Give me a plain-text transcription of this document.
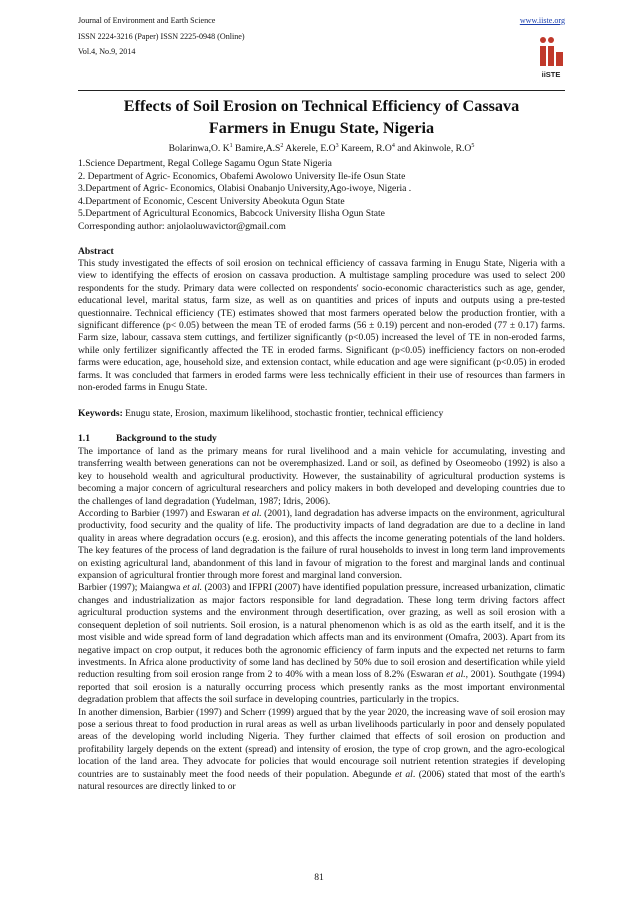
Journal of Environment and Earth Science
ISSN 2224-3216 (Paper) ISSN 2225-0948 (Online)
Vol.4, No.9, 2014
www.iiste.org
iiSTE
Effects of Soil Erosion on Technical Efficiency of Cassava
Farmers in Enugu State, Nigeria
Bolarinwa,O. $K^1$ $Bamire,A.S^2$ Akerele, $E.O^3$ Kareem, $R.O^4$ and Akinwole, $R.O^5$
1.Science Department, Regal College Sagamu Ogun State Nigeria
2. Department of Agric- Economics, Obafemi Awolowo University Ile-ife Osun State
3.Department of Agric- Economics, Olabisi Onabanjo University,Ago-iwoye, Nigeria .
4.Department of Economic, Cescent University Abeokuta Ogun State
5.Department of Agricultural Economics, Babcock University Ilisha Ogun State
Corresponding author: anjolaoluwavictor@gmail.com
Abstract
This study investigated the effects of soil erosion on technical efficiency of cassava farming in Enugu State, Nigeria with a view to identifying the effects of erosion on cassava production. A multistage sampling procedure was used to select 200 respondents for the study. Primary data were collected on respondents' socio-economic characteristics such as age, gender, educational level, marital status, farm size, as well as on quantities and prices of inputs and outputs using a pre-tested questionnaire. Technical efficiency (TE) estimates showed that most farmers operated below the production frontier, with a significant difference (p< 0.05) between the mean TE of eroded farms (56 ± 0.19) percent and non-eroded (77 ± 0.17) farms. Farm size, labour, cassava stem cuttings, and fertilizer significantly (p<0.05) increased the level of TE in non-eroded farms, while only fertilizer significantly affected the TE in eroded farms. Significant (p<0.05) inefficiency factors on non-eroded farms were education, age, household size, and extension contact, while education and age were significant (p<0.05) in eroded farms. It was concluded that farmers in eroded farms were less technically efficient in their use of resources than farmers in non-eroded farms in Enugu State.
Keywords: Enugu state, Erosion, maximum likelihood, stochastic frontier, technical efficiency
1.1	Background to the study

The importance of land as the primary means for rural livelihood and a main vehicle for accumulating, investing and transferring wealth between generations can not be overemphasized. Land or soil, as defined by Oseomeobo (1992) is also a key to household wealth and agricultural productivity. However, the sustainability of agricultural production systems is becoming a major concern of agricultural researchers and policy makers in both developed and developing countries due to the challenges of land degradation (Yudelman, 1987; Idris, 2006).

According to Barbier (1997) and Eswaran et al. (2001), land degradation has adverse impacts on the environment, agricultural productivity, food security and the quality of life. The productivity impacts of land degradation are due to a decline in land quality in areas where degradation occurs (e.g. erosion), and this affects the income generating potentials of the land holders. The key features of the process of land degradation is the failure of rural households to invest in long term land improvements on existing agricultural land, abandonment of this land in favour of migration to the forest and marginal lands and continual expansion of agricultural frontier through more forest and marginal land conversion.

Barbier (1997); Maiangwa et al. (2003) and IFPRI (2007) have identified population pressure, increased urbanization, climatic changes and industrialization as major factors responsible for land degradation. These long term driving factors affect agricultural production systems and the environment through desertification, over grazing, as well as soil erosion with a consequent depletion of soil nutrients. Soil erosion, is a natural phenomenon which is as old as the earth itself, and it is the most visible and wide spread form of land degradation which affects man and its environment (Omafra, 2003). Apart from its negative impact on crop output, it reduces both the agronomic efficiency of farm inputs and the expected net returns to farm investments. In Africa alone productivity of some land has declined by 50% due to soil erosion and desertification while yield reduction resulting from soil erosion range from 2 to 40% with a mean loss of 8.2% (Eswaran et al., 2001). Southgate (1994) reported that soil erosion is a naturally occurring process which presently ranks as the most important environmental degradation problem that affects the soil surface in developing countries, particularly in the tropics.

In another dimension, Barbier (1997) and Scherr (1999) argued that by the year 2020, the increasing wave of soil erosion may pose a serious threat to food production in rural areas as well as urban livelihoods particularly in poor and densely populated areas of the developing world including Nigeria. They further claimed that effects of soil erosion on production and profitability largely depends on the extent (spread) and intensity of erosion, the type of crop grown, and the agro-ecological location of the land area. They advocate for policies that would encourage soil nutrient retention strategies if developing countries are to sustainably meet the food needs of their population. Abegunde et al. (2006) stated that most of the earth's natural resources are directly linked to or

81
